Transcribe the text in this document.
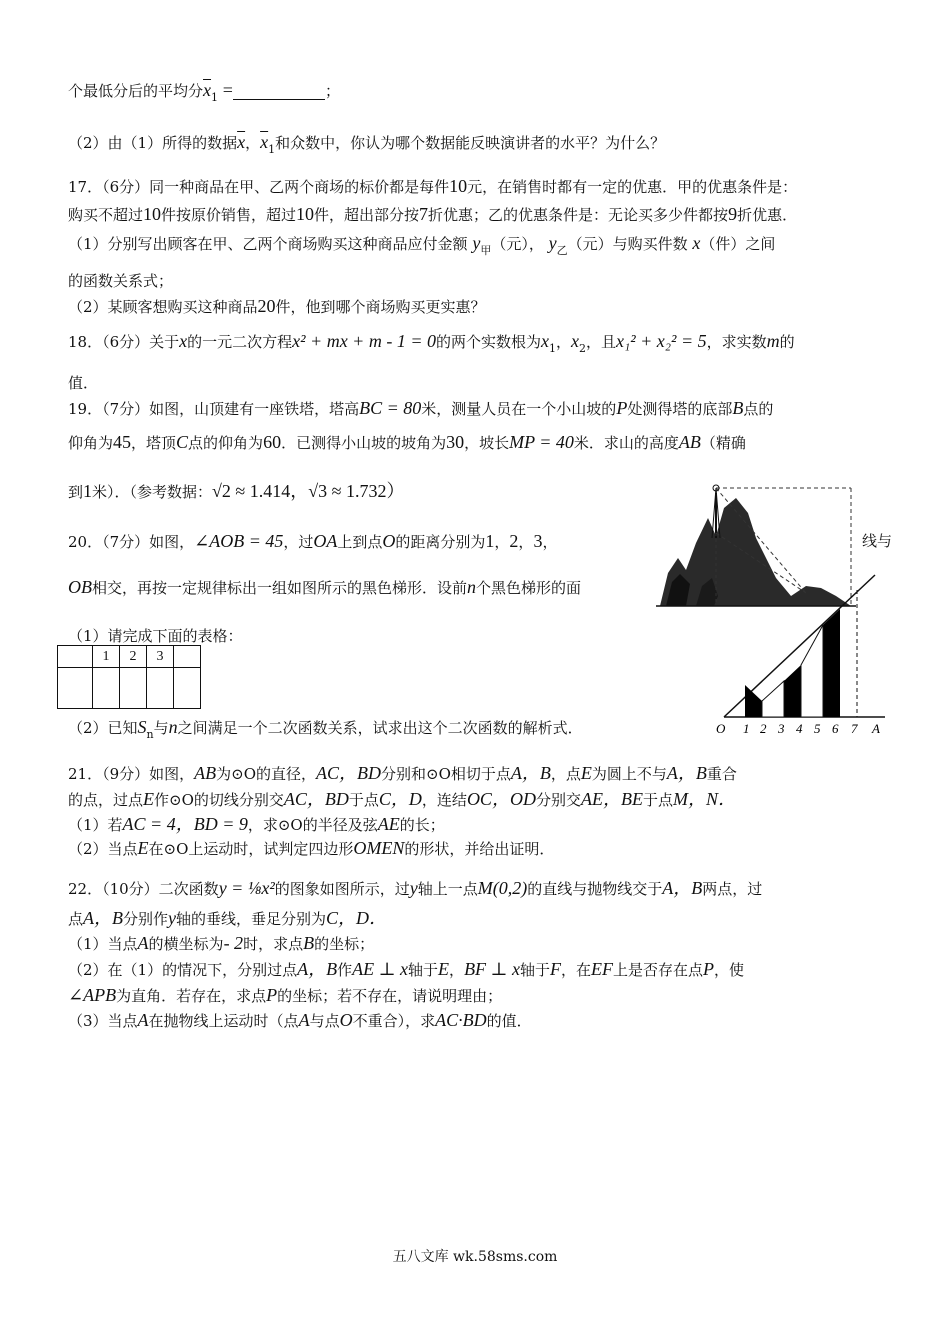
个最低分后的平均分$\overline{x}_1$ =	；
（2）由（1）所得的数据$\overline{x}$，$\overline{x}_1$和众数中，你认为哪个数据能反映演讲者的水平？为什么？
17．（6分）同一种商品在甲、乙两个商场的标价都是每件10元，在销售时都有一定的优惠．甲的优惠条件是：
购买不超过10件按原价销售，超过10件，超出部分按7折优惠；乙的优惠条件是：无论买多少件都按9折优惠．
（1）分别写出顾客在甲、乙两个商场购买这种商品应付金额 $y_甲$（元）， $y_乙$（元）与购买件数 x（件）之间
的函数关系式；
（2）某顾客想购买这种商品20件，他到哪个商场购买更实惠？
18．（6分）关于x的一元二次方程x² + mx + m - 1 = 0的两个实数根为$x_1$，$x_2$，且x₁² + x₂² = 5，求实数m的
值．
19．（7分）如图，山顶建有一座铁塔，塔高BC = 80米，测量人员在一个小山坡的P处测得塔的底部B点的
仰角为45，塔顶C点的仰角为60．已测得小山坡的坡角为30，坡长MP = 40米．求山的高度AB（精确
到1米）．（参考数据：√2 ≈ 1.414，√3 ≈ 1.732）
20．（7分）如图，∠AOB = 45，过OA上到点O的距离分别为1，2，3，	线与
OB相交，再按一定规律标出一组如图所示的黑色梯形．设前n个黑色梯形的面
（1）请完成下面的表格：
	1	2	3	

（2）已知$S_n$与n之间满足一个二次函数关系，试求出这个二次函数的解析式．
21．（9分）如图，AB为⊙O的直径，AC，BD分别和⊙O相切于点A，B，点E为圆上不与A，B重合
的点，过点E作⊙O的切线分别交AC，BD于点C，D，连结OC，OD分别交AE，BE于点M，N．
（1）若AC = 4，BD = 9，求⊙O的半径及弦AE的长；
（2）当点E在⊙O上运动时，试判定四边形OMEN的形状，并给出证明．
22．（10分）二次函数y = ⅛x²的图象如图所示，过y轴上一点M(0,2)的直线与抛物线交于A，B两点，过
点A，B分别作y轴的垂线，垂足分别为C，D．
（1）当点A的横坐标为- 2时，求点B的坐标；
（2）在（1）的情况下，分别过点A，B作AE ⊥ x轴于E，BF ⊥ x轴于F，在EF上是否存在点P，使
∠APB为直角．若存在，求点P的坐标；若不存在，请说明理由；
（3）当点A在抛物线上运动时（点A与点O不重合），求AC·BD的值．
O 1 2 3 4 5 6 7 A
五八文库 wk.58sms.com
